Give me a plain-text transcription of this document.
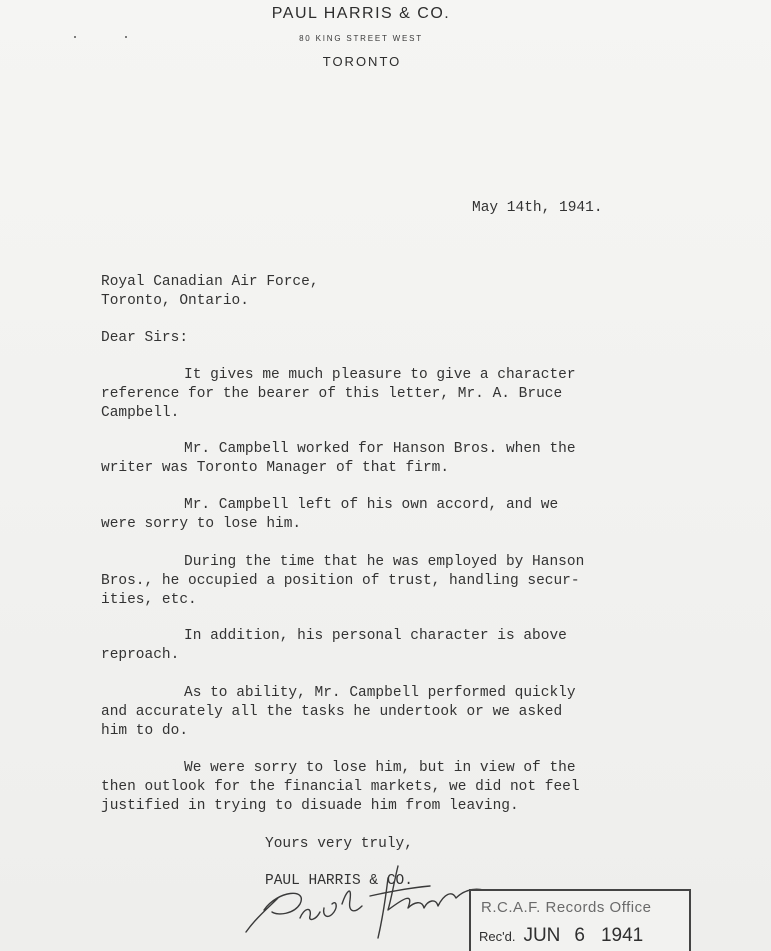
PAUL HARRIS & CO.
80 KING STREET WEST
TORONTO
May 14th, 1941.
Royal Canadian Air Force,
Toronto, Ontario.
Dear Sirs:
It gives me much pleasure to give a character
reference for the bearer of this letter, Mr. A. Bruce
Campbell.
Mr. Campbell worked for Hanson Bros. when the
writer was Toronto Manager of that firm.
Mr. Campbell left of his own accord, and we
were sorry to lose him.
During the time that he was employed by Hanson
Bros., he occupied a position of trust, handling secur-
ities, etc.
In addition, his personal character is above
reproach.
As to ability, Mr. Campbell performed quickly
and accurately all the tasks he undertook or we asked
him to do.
We were sorry to lose him, but in view of the
then outlook for the financial markets, we did not feel
justified in trying to disuade him from leaving.
Yours very truly,
PAUL HARRIS & CO.
R.C.A.F. Records Office
Rec'd. JUN 6 1941
